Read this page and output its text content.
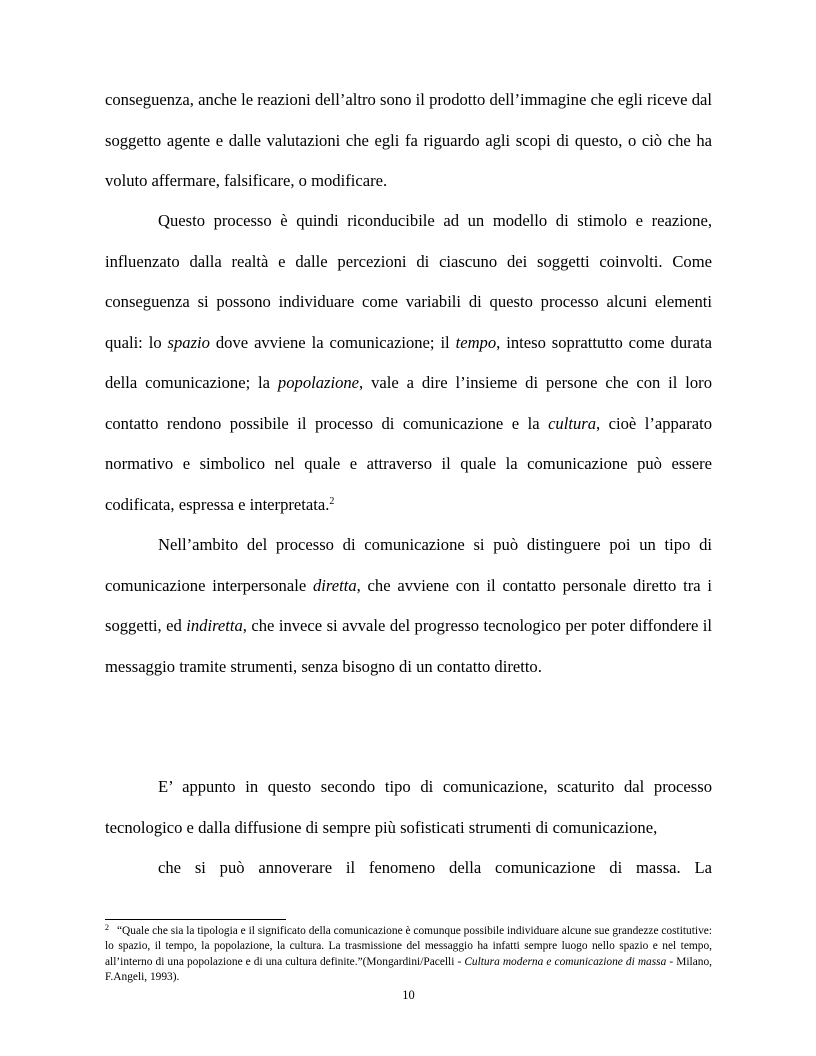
conseguenza, anche le reazioni dell’altro sono il prodotto dell’immagine che egli riceve dal soggetto agente e dalle valutazioni che egli fa riguardo agli scopi di questo, o ciò che ha voluto affermare, falsificare, o modificare.

Questo processo è quindi riconducibile ad un modello di stimolo e reazione, influenzato dalla realtà e dalle percezioni di ciascuno dei soggetti coinvolti. Come conseguenza si possono individuare come variabili di questo processo alcuni elementi quali: lo spazio dove avviene la comunicazione; il tempo, inteso soprattutto come durata della comunicazione; la popolazione, vale a dire l’insieme di persone che con il loro contatto rendono possibile il processo di comunicazione e la cultura, cioè l’apparato normativo e simbolico nel quale e attraverso il quale la comunicazione può essere codificata, espressa e interpretata.$^2$

Nell’ambito del processo di comunicazione si può distinguere poi un tipo di comunicazione interpersonale diretta, che avviene con il contatto personale diretto tra i soggetti, ed indiretta, che invece si avvale del progresso tecnologico per poter diffondere il messaggio tramite strumenti, senza bisogno di un contatto diretto.

E’ appunto in questo secondo tipo di comunicazione, scaturito dal processo tecnologico e dalla diffusione di sempre più sofisticati strumenti di comunicazione,
che si può annoverare il fenomeno della comunicazione di massa. La

$^2$ “Quale che sia la tipologia e il significato della comunicazione è comunque possibile individuare alcune sue grandezze costitutive: lo spazio, il tempo, la popolazione, la cultura. La trasmissione del messaggio ha infatti sempre luogo nello spazio e nel tempo, all’interno di una popolazione e di una cultura definite.”(Mongardini/Pacelli - Cultura moderna e comunicazione di massa - Milano, F.Angeli, 1993).

10
